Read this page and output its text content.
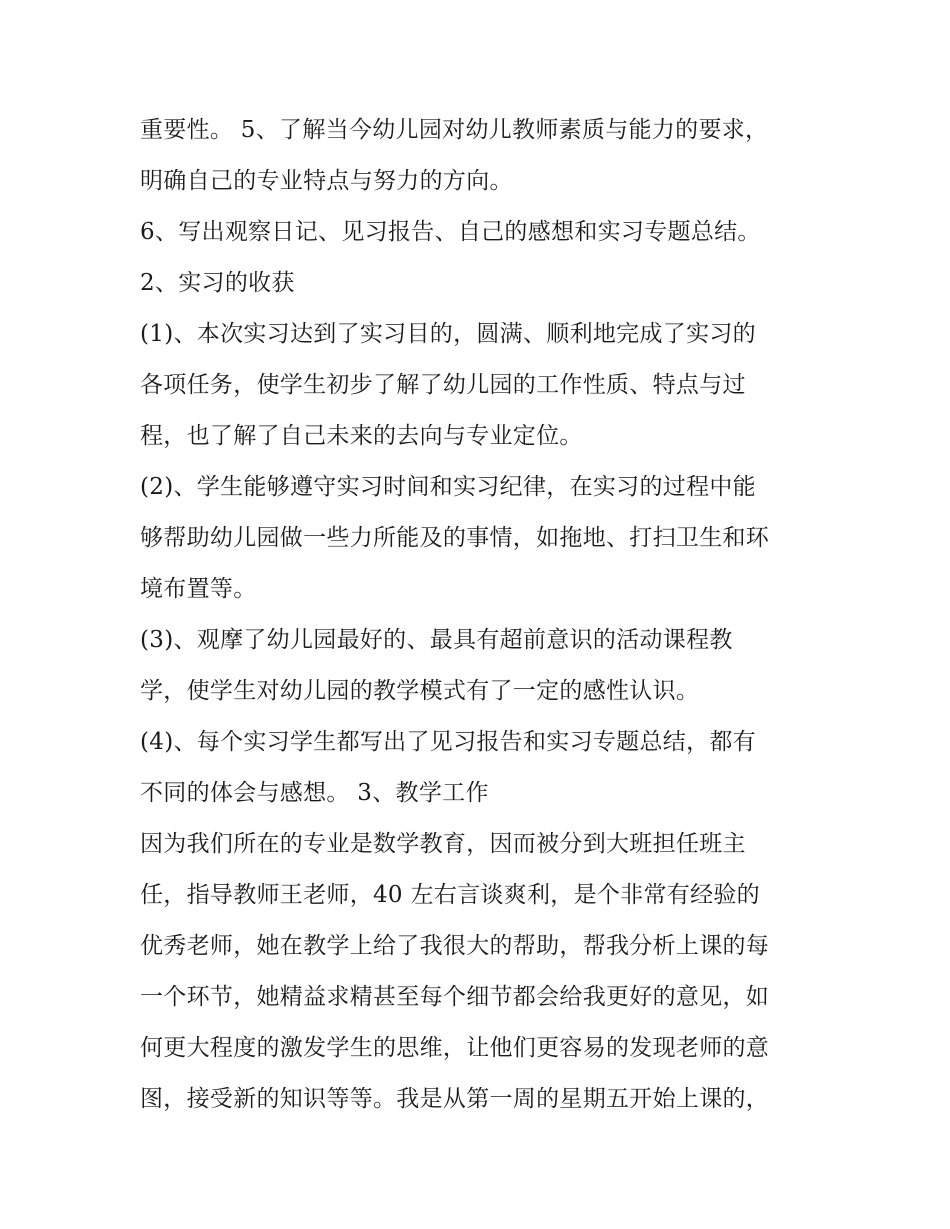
重要性。 5、了解当今幼儿园对幼儿教师素质与能力的要求，
明确自己的专业特点与努力的方向。
6、写出观察日记、见习报告、自己的感想和实习专题总结。
2、实习的收获
(1)、本次实习达到了实习目的，圆满、顺利地完成了实习的
各项任务，使学生初步了解了幼儿园的工作性质、特点与过
程，也了解了自己未来的去向与专业定位。
(2)、学生能够遵守实习时间和实习纪律，在实习的过程中能
够帮助幼儿园做一些力所能及的事情，如拖地、打扫卫生和环
境布置等。
(3)、观摩了幼儿园最好的、最具有超前意识的活动课程教
学，使学生对幼儿园的教学模式有了一定的感性认识。
(4)、每个实习学生都写出了见习报告和实习专题总结，都有
不同的体会与感想。 3、教学工作
因为我们所在的专业是数学教育，因而被分到大班担任班主
任，指导教师王老师，40 左右言谈爽利，是个非常有经验的
优秀老师，她在教学上给了我很大的帮助，帮我分析上课的每
一个环节，她精益求精甚至每个细节都会给我更好的意见，如
何更大程度的激发学生的思维，让他们更容易的发现老师的意
图，接受新的知识等等。我是从第一周的星期五开始上课的，
